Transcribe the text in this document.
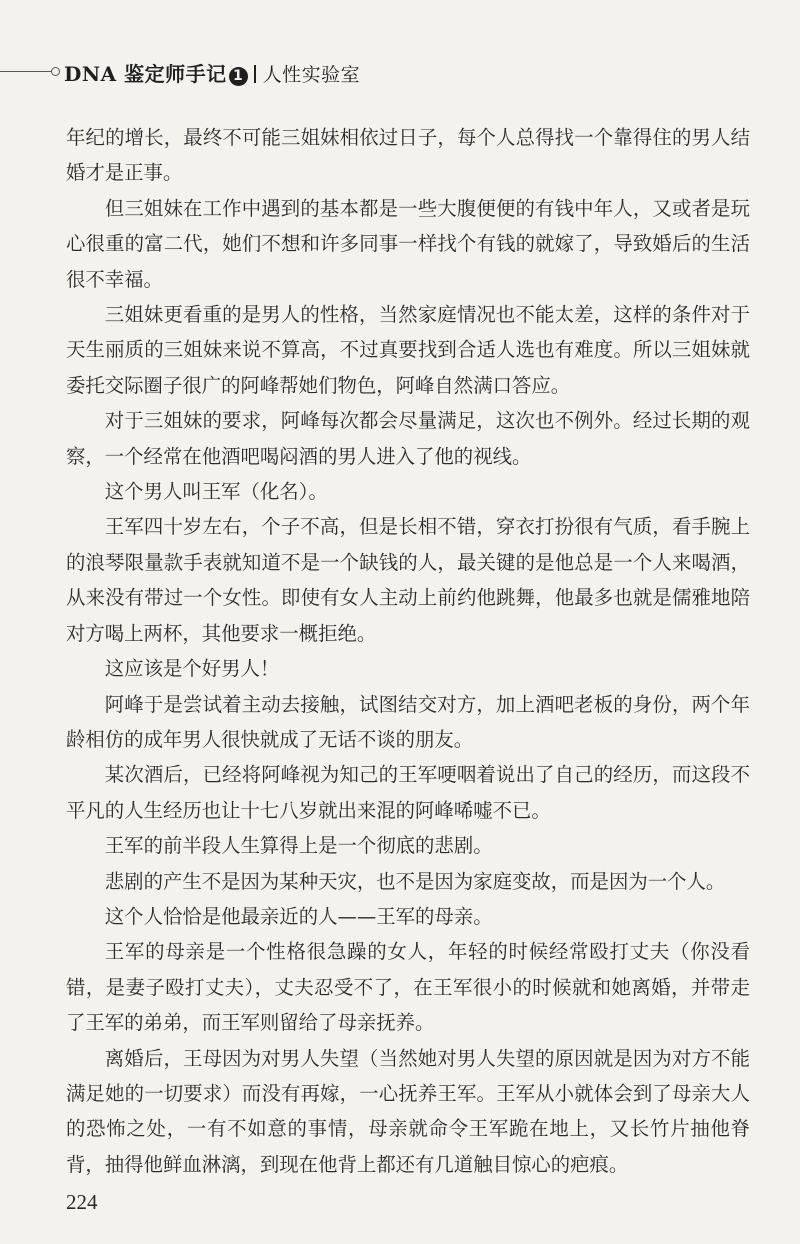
DNA 鉴定师手记 1 人性实验室

年纪的增长，最终不可能三姐妹相依过日子，每个人总得找一个靠得住的男人结婚才是正事。

但三姐妹在工作中遇到的基本都是一些大腹便便的有钱中年人，又或者是玩心很重的富二代，她们不想和许多同事一样找个有钱的就嫁了，导致婚后的生活很不幸福。

三姐妹更看重的是男人的性格，当然家庭情况也不能太差，这样的条件对于天生丽质的三姐妹来说不算高，不过真要找到合适人选也有难度。所以三姐妹就委托交际圈子很广的阿峰帮她们物色，阿峰自然满口答应。

对于三姐妹的要求，阿峰每次都会尽量满足，这次也不例外。经过长期的观察，一个经常在他酒吧喝闷酒的男人进入了他的视线。

这个男人叫王军（化名）。

王军四十岁左右，个子不高，但是长相不错，穿衣打扮很有气质，看手腕上的浪琴限量款手表就知道不是一个缺钱的人，最关键的是他总是一个人来喝酒，从来没有带过一个女性。即使有女人主动上前约他跳舞，他最多也就是儒雅地陪对方喝上两杯，其他要求一概拒绝。

这应该是个好男人！

阿峰于是尝试着主动去接触，试图结交对方，加上酒吧老板的身份，两个年龄相仿的成年男人很快就成了无话不谈的朋友。

某次酒后，已经将阿峰视为知己的王军哽咽着说出了自己的经历，而这段不平凡的人生经历也让十七八岁就出来混的阿峰唏嘘不已。

王军的前半段人生算得上是一个彻底的悲剧。

悲剧的产生不是因为某种天灾，也不是因为家庭变故，而是因为一个人。

这个人恰恰是他最亲近的人——王军的母亲。

王军的母亲是一个性格很急躁的女人，年轻的时候经常殴打丈夫（你没看错，是妻子殴打丈夫），丈夫忍受不了，在王军很小的时候就和她离婚，并带走了王军的弟弟，而王军则留给了母亲抚养。

离婚后，王母因为对男人失望（当然她对男人失望的原因就是因为对方不能满足她的一切要求）而没有再嫁，一心抚养王军。王军从小就体会到了母亲大人的恐怖之处，一有不如意的事情，母亲就命令王军跪在地上，又长竹片抽他脊背，抽得他鲜血淋漓，到现在他背上都还有几道触目惊心的疤痕。

224
